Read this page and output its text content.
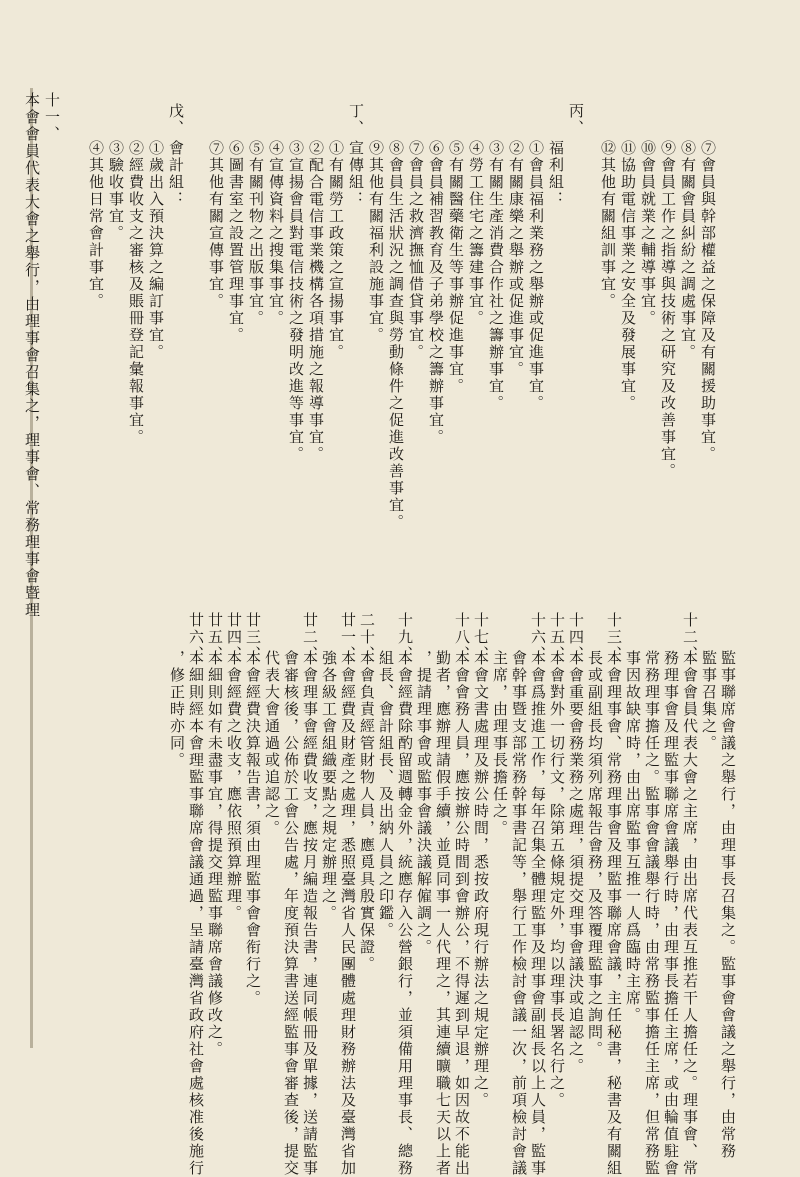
⑦會員與幹部權益之保障及有關援助事宜。
⑧有關會員糾紛之調處事宜。
⑨會員工作之指導與技術之研究及改善事宜。
⑩會員就業之輔導事宜。
⑪協助電信事業之安全及發展事宜。
⑫其他有關組訓事宜。
丙、
福利組：
①會員福利業務之舉辦或促進事宜。
②有關康樂之舉辦或促進事宜。
③有關生產消費合作社之籌辦事宜。
④勞工住宅之籌建事宜。
⑤有關醫藥衛生等事辦促進事宜。
⑥會員補習教育及子弟學校之籌辦事宜。
⑦會員之救濟撫恤借貸事宜。
⑧會員生活狀況之調查與勞動條件之促進改善事宜。
⑨其他有關福利設施事宜。
丁、
宣傳組：
①有關勞工政策之宣揚事宜。
②配合電信事業機構各項措施之報導事宜。
③宣揚會員對電信技術之發明改進等事宜。
④宣傳資料之搜集事宜。
⑤有關刊物之出版事宜。
⑥圖書室之設置管理事宜。
⑦其他有關宣傳事宜。
戊、
會計組：
①歲出入預決算之編訂事宜。
②經費收支之審核及賬冊登記彙報事宜。
③驗收事宜。
④其他日常會計事宜。
十一、
本會會員代表大會之舉行，由理事會召集之，理事會、常務理事會暨理
監事聯席會議之舉行，由理事長召集之。監事會會議之舉行，由常務
監事召集之。
十二、
本會會員代表大會之主席，由出席代表互推若干人擔任之。理事會、常
務理事會及理監事聯席會議舉行時，由理事長擔任主席，或由輪值駐會
常務理事擔任之。監事會會議舉行時，由常務監事擔任主席，但常務監
事因故缺席時，由出席監事互推一人爲臨時主席。
十三、
本會理事會、常務理事會及理監事聯席會議，主任秘書，秘書及有關組
長或副組長均須列席報告會務，及答覆理監事之詢問。
十四、
本會重要會務業務之處理，須提交理事會議決或追認之。
十五、
本會對外一切行文，除第五條規定外，均以理事長署名行之。
十六、
本會爲推進工作，每年召集全體理監事及理事會副組長以上人員，監事
會幹事暨支部常務幹事書記等，舉行工作檢討會議一次，前項檢討會議
主席，由理事長擔任之。
十七、
本會文書處理及辦公時間，悉按政府現行辦法之規定辦理之。
十八、
本會會務人員，應按辦公時間到會辦公，不得遲到早退，如因故不能出
勤者，應辦理請假手續，並覓同事一人代理之，其連續曠職七天以上者
，提請理事會或監事會議決議解僱調之。
十九、
本會經費除酌留週轉金外，統應存入公營銀行，並須備用理事長、總務
組長、會計組長、及出納人員之印鑑。
二十、
本會負責經管財物人員，應覓具殷實保證。
廿一、
本會經費及財產之處理，悉照臺灣省人民團體處理財務辦法及臺灣省加
強各級工會組織要點之規定辦理之。
廿二、
本會理事會經費收支，應按月編造報告書，連同帳冊及單據，送請監事
會審核後，公佈於工會公告處，年度預決算書送經監事會審查後，提交
代表大會通過或追認之。
廿三、
本會經費決算報告書，須由理監事會會衔行之。
廿四、
本會經費之收支，應依照預算辦理。
廿五、
本細則如有未盡事宜，得提交理監事聯席會議修改之。
廿六、
本細則經本會理監事聯席會議通過，呈請臺灣省政府社會處核准後施行
，修正時亦同。
